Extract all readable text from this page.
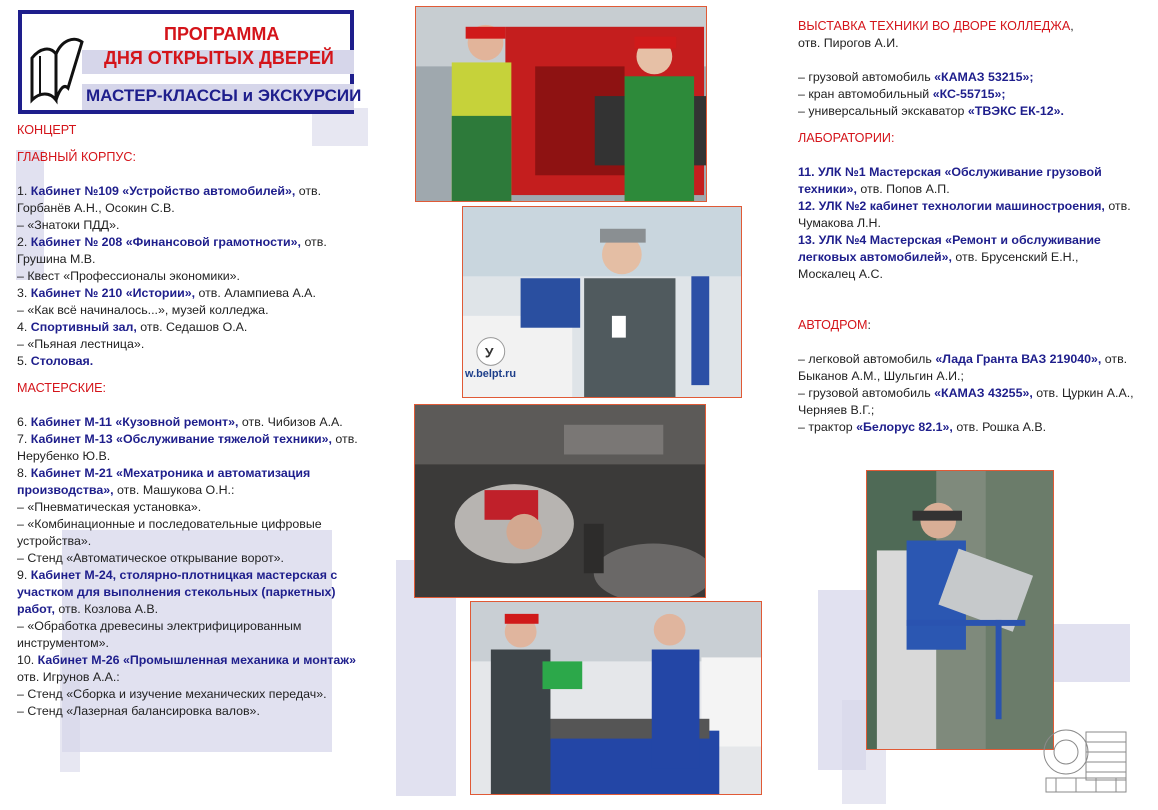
ПРОГРАММА
ДНЯ ОТКРЫТЫХ ДВЕРЕЙ
МАСТЕР-КЛАССЫ и ЭКСКУРСИИ

КОНЦЕРТ

ГЛАВНЫЙ КОРПУС:

1. Кабинет №109 «Устройство автомобилей», отв. Горбанёв А.Н., Осокин С.В.

– «Знатоки ПДД».

2. Кабинет № 208 «Финансовой грамотности», отв. Грушина М.В.

– Квест «Профессионалы экономики».

3. Кабинет № 210 «Истории», отв. Алампиева А.А.

– «Как всё начиналось...», музей колледжа.

4. Спортивный зал, отв. Седашов О.А.

– «Пьяная лестница».

5. Столовая.

МАСТЕРСКИЕ:

6. Кабинет М-11 «Кузовной ремонт», отв. Чибизов А.А.

7. Кабинет М-13 «Обслуживание тяжелой техники», отв. Нерубенко Ю.В.

8. Кабинет М-21 «Мехатроника и автоматизация производства», отв. Машукова О.Н.:

– «Пневматическая установка».

– «Комбинационные и последовательные цифровые устройства».

– Стенд «Автоматическое открывание ворот».

9. Кабинет М-24, столярно-плотницкая мастерская с участком для выполнения стекольных (паркетных) работ, отв. Козлова А.В.

– «Обработка древесины электрифицированным инструментом».

10. Кабинет М-26 «Промышленная механика и монтаж» отв. Игрунов А.А.:

– Стенд «Сборка и изучение механических передач».

– Стенд «Лазерная балансировка валов».

ВЫСТАВКА ТЕХНИКИ ВО ДВОРЕ КОЛЛЕДЖА,

отв. Пирогов А.И.

– грузовой автомобиль «КАМАЗ 53215»;

– кран автомобильный «КС-55715»;

– универсальный экскаватор «ТВЭКС ЕК-12».

ЛАБОРАТОРИИ:

11. УЛК №1 Мастерская «Обслуживание грузовой техники», отв. Попов А.П.

12. УЛК №2 кабинет технологии машиностроения, отв. Чумакова Л.Н.

13. УЛК №4 Мастерская «Ремонт и обслуживание легковых автомобилей», отв. Брусенский Е.Н., Москалец А.С.

АВТОДРОМ:

– легковой автомобиль «Лада Гранта ВАЗ 219040», отв. Быканов А.М., Шульгин А.И.;

– грузовой автомобиль «КАМАЗ 43255», отв. Цуркин А.А., Черняев В.Г.;

– трактор «Белорус 82.1», отв. Рошка А.В.

У
w.belpt.ru
